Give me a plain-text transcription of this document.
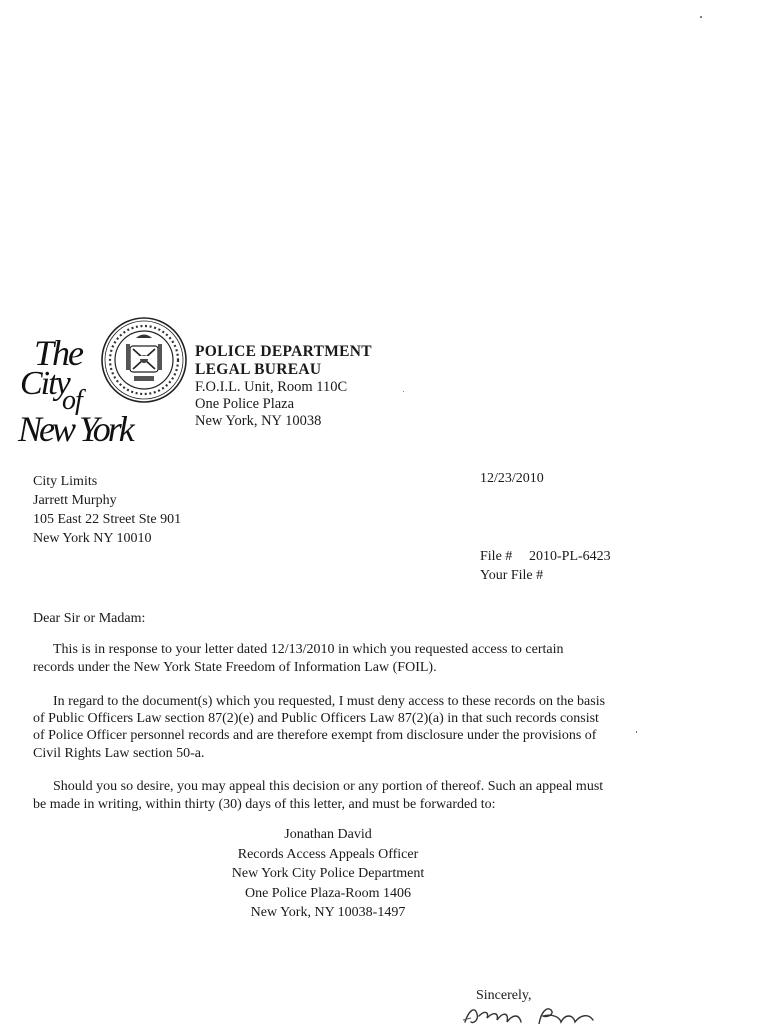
The
City
of
New York
POLICE DEPARTMENT
LEGAL BUREAU
F.O.I.L. Unit, Room 110C
One Police Plaza
New York, NY 10038
City Limits
Jarrett Murphy
105 East 22 Street Ste 901
New York NY 10010
12/23/2010
File # 2010-PL-6423
Your File #
Dear Sir or Madam:
This is in response to your letter dated 12/13/2010 in which you requested access to certain
records under the New York State Freedom of Information Law (FOIL).
In regard to the document(s) which you requested, I must deny access to these records on the basis
of Public Officers Law section 87(2)(e) and Public Officers Law 87(2)(a) in that such records consist
of Police Officer personnel records and are therefore exempt from disclosure under the provisions of
Civil Rights Law section 50-a.
Should you so desire, you may appeal this decision or any portion of thereof. Such an appeal must
be made in writing, within thirty (30) days of this letter, and must be forwarded to:
Jonathan David
Records Access Appeals Officer
New York City Police Department
One Police Plaza-Room 1406
New York, NY 10038-1497
Sincerely,
